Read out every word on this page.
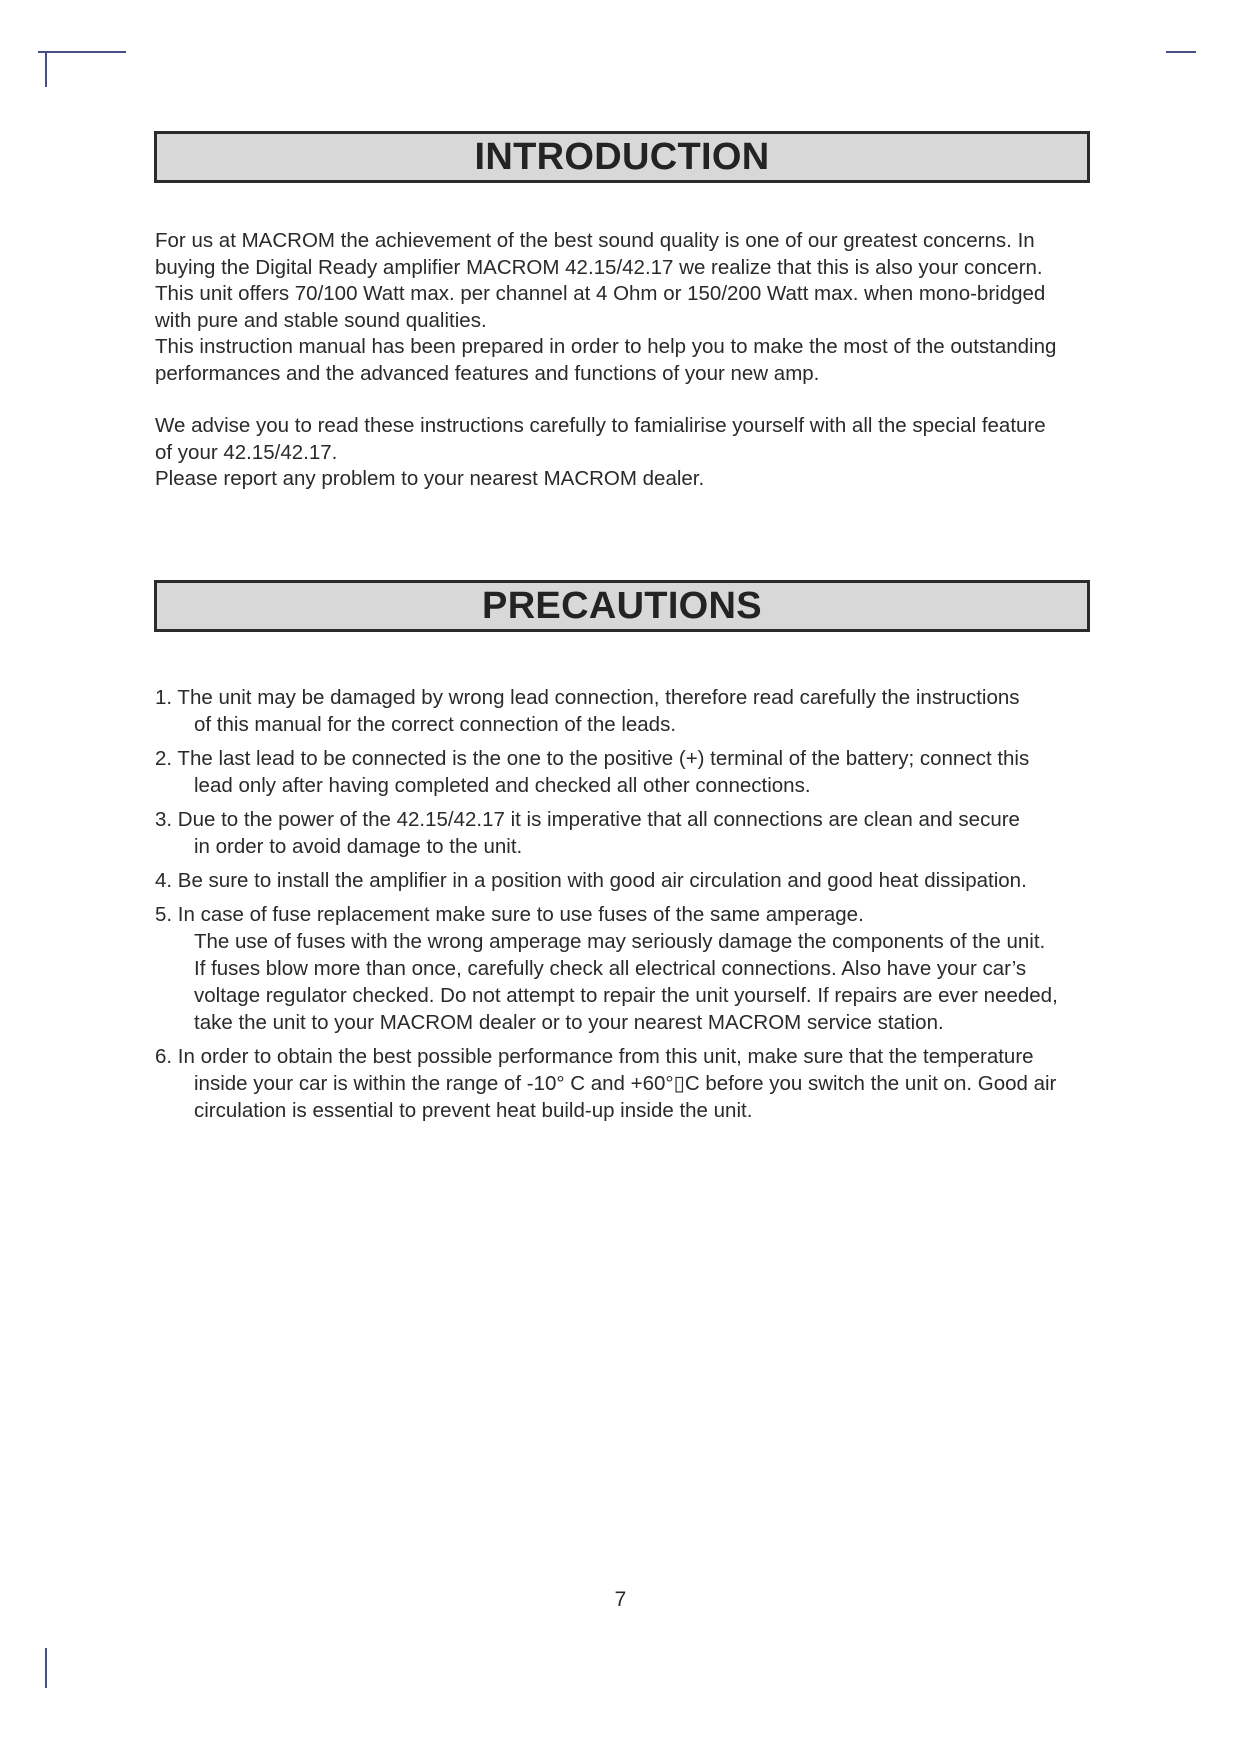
INTRODUCTION

For us at MACROM the achievement of the best sound quality is one of our greatest concerns. In
buying the Digital Ready amplifier MACROM 42.15/42.17 we realize that this is also your concern.
This unit offers 70/100 Watt max. per channel at 4 Ohm or 150/200 Watt max. when mono-bridged
with pure and stable sound qualities.
This instruction manual has been prepared in order to help you to make the most of the outstanding
performances and the advanced features and functions of your new amp.

We advise you to read these instructions carefully to famialirise yourself with all the special feature
of your 42.15/42.17.
Please report any problem to your nearest MACROM dealer.

PRECAUTIONS
1. The unit may be damaged by wrong lead connection, therefore read carefully the instructions
of this manual for the correct connection of the leads.
2. The last lead to be connected is the one to the positive (+) terminal of the battery; connect this
lead only after having completed and checked all other connections.
3. Due to the power of the 42.15/42.17 it is imperative that all connections are clean and secure
in order to avoid damage to the unit.
4. Be sure to install the amplifier in a position with good air circulation and good heat dissipation.
5. In case of fuse replacement make sure to use fuses of the same amperage.
The use of fuses with the wrong amperage may seriously damage the components of the unit.
If fuses blow more than once, carefully check all electrical connections. Also have your car’s
voltage regulator checked. Do not attempt to repair the unit yourself. If repairs are ever needed,
take the unit to your MACROM dealer or to your nearest MACROM service station.
6. In order to obtain the best possible performance from this unit, make sure that the temperature
inside your car is within the range of -10° C and +60°▯C before you switch the unit on. Good air
circulation is essential to prevent heat build-up inside the unit.
7
